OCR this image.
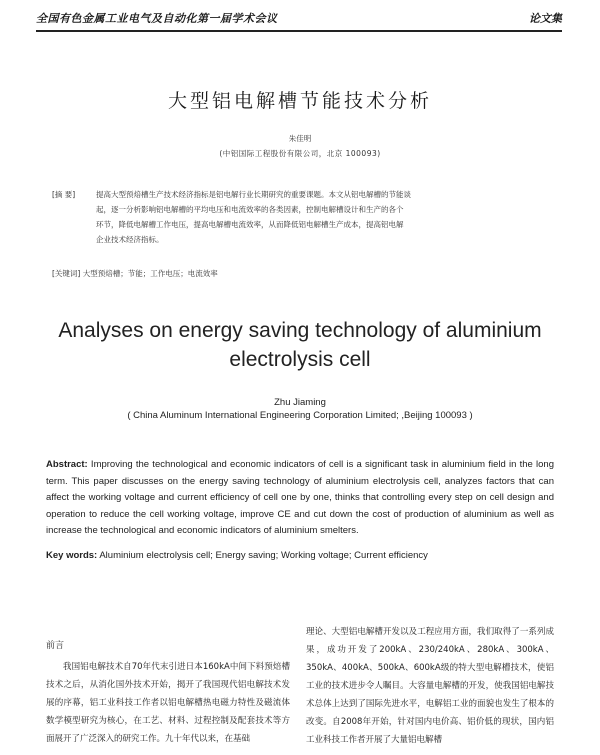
全国有色金属工业电气及自动化第一届学术会议	论文集
大型铝电解槽节能技术分析
朱佳明
(中铝国际工程股份有限公司，北京 100093)
[摘 要]	提高大型预焙槽生产技术经济指标是铝电解行业长期研究的重要课题。本文从铝电解槽的节能谈
起，逐一分析影响铝电解槽的平均电压和电流效率的各类因素，控制电解槽设计和生产的各个
环节，降低电解槽工作电压，提高电解槽电流效率，从而降低铝电解槽生产成本，提高铝电解
企业技术经济指标。
[关键词] 大型预焙槽；节能；工作电压；电流效率
Analyses on energy saving technology of aluminium
electrolysis cell
Zhu Jiaming
( China Aluminum International Engineering Corporation Limited; ,Beijing 100093 )
Abstract: Improving the technological and economic indicators of cell is a significant task in aluminium field in the long term. This paper discusses on the energy saving technology of aluminium electrolysis cell, analyzes factors that can affect the working voltage and current efficiency of cell one by one, thinks that controlling every step on cell design and operation to reduce the cell working voltage, improve CE and cut down the cost of production of aluminium as well as increase the technological and economic indicators of aluminium smelters.
Key words: Aluminium electrolysis cell; Energy saving; Working voltage; Current efficiency
前言
我国铝电解技术自70年代末引进日本160kA中间下料预焙槽技术之后，从消化国外技术开始，揭开了我国现代铝电解技术发展的序幕，铝工业科技工作者以铝电解槽热电磁力特性及磁流体数学模型研究为核心，在工艺、材料、过程控制及配套技术等方面展开了广泛深入的研究工作。九十年代以来，在基础
理论、大型铝电解槽开发以及工程应用方面，我们取得了一系列成果，成功开发了200kA、230/240kA、280kA、300kA、350kA、400kA、500kA、600kA级的特大型电解槽技术，使铝工业的技术进步令人瞩目。大容量电解槽的开发，使我国铝电解技术总体上达到了国际先进水平，电解铝工业的面貌也发生了根本的改变。自2008年开始，针对国内电价高、铝价低的现状，国内铝工业科技工作者开展了大量铝电解槽
